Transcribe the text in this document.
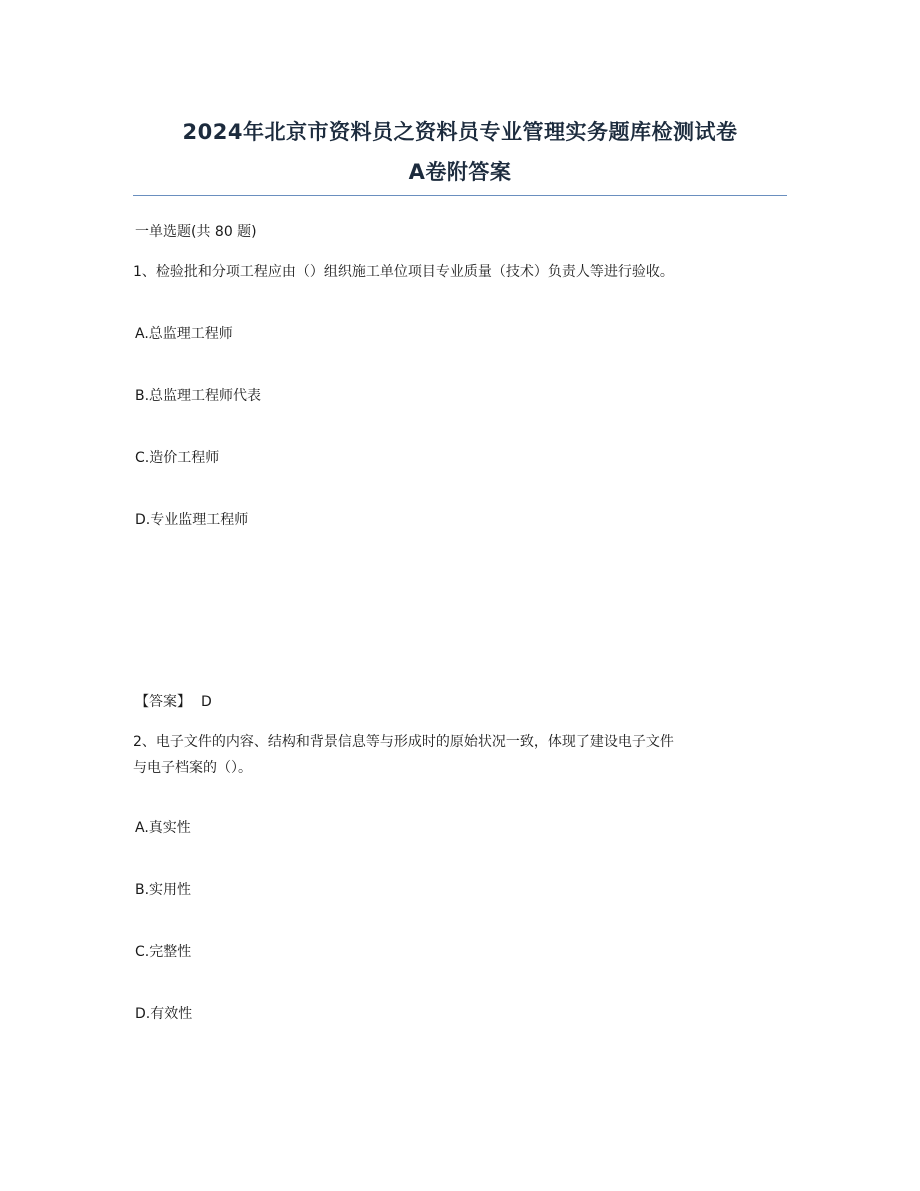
2024年北京市资料员之资料员专业管理实务题库检测试卷
A卷附答案
一单选题(共 80 题)
1、检验批和分项工程应由（）组织施工单位项目专业质量（技术）负责人等进行验收。
A.总监理工程师
B.总监理工程师代表
C.造价工程师
D.专业监理工程师
【答案】 D
2、电子文件的内容、结构和背景信息等与形成时的原始状况一致，体现了建设电子文件
与电子档案的（）。
A.真实性
B.实用性
C.完整性
D.有效性
